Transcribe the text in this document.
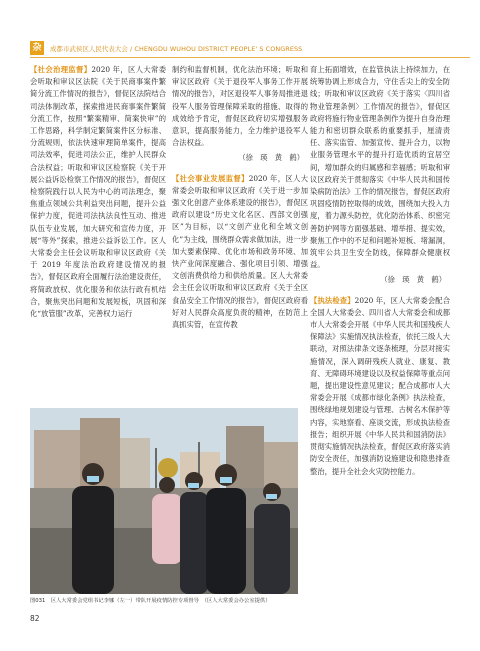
杂	成都市武侯区人民代表大会 / CHENGDU WUHOU DISTRICT PEOPLE' S CONGRESS

【社会治理监督】2020 年，区人大常委会听取和审议区法院《关于民商事案件繁简分流工作情况的报告》，督促区法院结合司法体制改革，探索推进民商事案件繁简分流工作，按照“繁案精审、简案快审”的工作思路，科学制定繁简案件区分标准、分流规则，依法快速审理简单案件，提高司法效率，促进司法公正，维护人民群众合法权益；听取和审议区检察院《关于开展公益诉讼检察工作情况的报告》，督促区检察院践行以人民为中心的司法理念，聚焦重点领域公共利益突出问题，提升公益保护力度，促进司法执法良性互动、推进队伍专业发展，加大研究和宣传力度，开展“等外”探索，推进公益诉讼工作。区人大常委会主任会议听取和审议区政府《关于 2019 年度法治政府建设情况的报告》，督促区政府全面履行法治建设责任，将简政放权、优化服务和依法行政有机结合，聚焦突出问题和发展短板，巩固和深化“放管服”改革，完善权力运行

制约和监督机制，优化法治环境；听取和审议区政府《关于退役军人事务工作开展情况的报告》，对区退役军人事务局推进退役军人服务管理保障采取的措施、取得的成效给予肯定，督促区政府切实增强服务意识，提高服务能力，全力维护退役军人合法权益。

（徐　瑛　黄　鹤）

【社会事业发展监督】2020 年，区人大常委会听取和审议区政府《关于进一步加强文化创意产业体系建设的报告》，督促区政府以建设“历史文化名区、西部文创强区”为目标，以“文创产业化和全域文创化”为主线，围绕群众需求做加法，进一步加大要素保障、优化市场和政务环境、加快产业间深度融合、强化项目引领、增强文创消费供给力和供给质量。区人大常委会主任会议听取和审议区政府《关于全区食品安全工作情况的报告》，督促区政府看好对人民群众高度负责的精神，在防范上真抓实管，在宣传教

育上拓面增效，在监管执法上持续加力，在统筹协调上形成合力，守住舌尖上的安全防线；听取和审议区政府《关于落实〈四川省物业管理条例〉工作情况的报告》，督促区政府将施行物业管理条例作为提升自身治理能力和密切群众联系的重要抓手，厘清责任、落实监管、加强宣传、提升合力，以物业服务管理水平的提升打造优质的宜居空间，增加群众的归属感和幸福感；听取和审议区政府关于贯彻落实《中华人民共和国传染病防治法》工作的情况报告，督促区政府巩固疫情防控取得的成效，围绕加大投入力度，着力源头防控，优化防治体系、织密完善防护网等方面强基础、增举措、提实效，聚焦工作中的不足和问题补短板、堵漏洞，筑牢公共卫生安全防线，保障群众健康权益。

（徐　瑛　黄　鹤）

【执法检查】2020 年，区人大常委会配合全国人大常委会、四川省人大常委会和成都市人大常委会开展《中华人民共和国残疾人保障法》实施情况执法检查，依托三级人大联动，对照法律条文逐条梳理，分层对接实施情况，深入调研残疾人就业、康复、教育、无障碍环境建设以及权益保障等重点问题，提出建设性意见建议；配合成都市人大常委会开展《成都市绿化条例》执法检查，围绕绿地规划建设与管理、古树名木保护等内容，实地察看、座谈交流，形成执法检查报告；组织开展《中华人民共和国消防法》贯彻实施情况执法检查，督促区政府落实消防安全责任，加强消防设施建设和隐患排查整治，提升全社会火灾防控能力。

图031　区人大常委会党组书记李娜（左一）带队开展疫情防控专项督导　（区人大常委会办公室提供）
82
